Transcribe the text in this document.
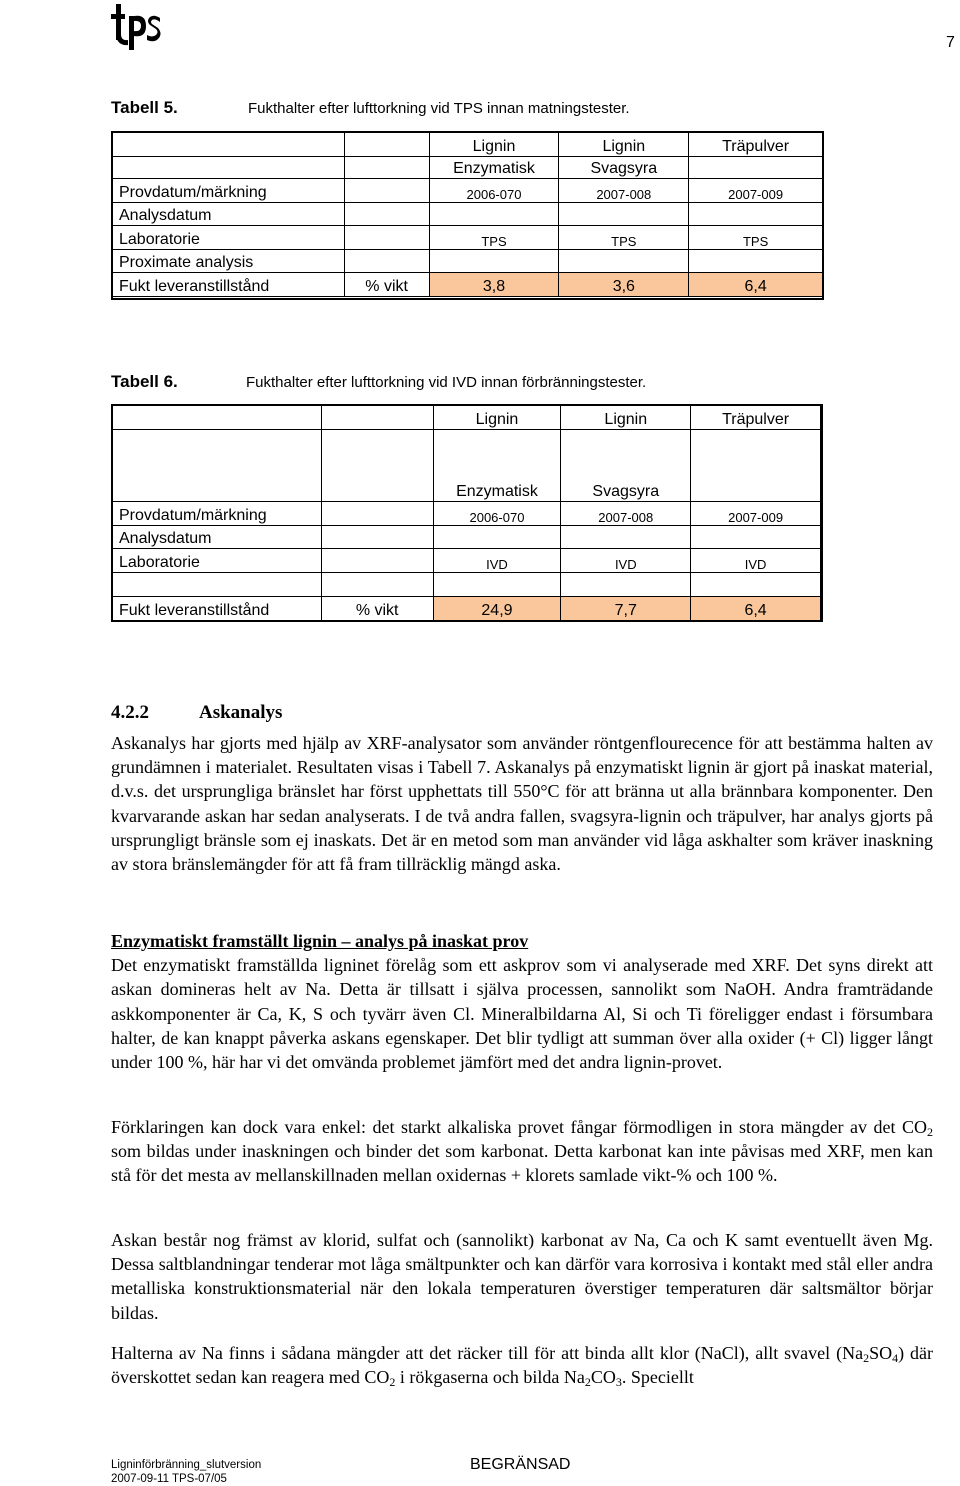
tps
7
Tabell 5.	Fukthalter efter lufttorkning vid TPS innan matningstester.
		Lignin	Lignin	Träpulver
		Enzymatisk	Svagsyra	
Provdatum/märkning		2006-070	2007-008	2007-009
Analysdatum				
Laboratorie		TPS	TPS	TPS
Proximate analysis				
Fukt leveranstillstånd	% vikt	3,8	3,6	6,4
Tabell 6.	Fukthalter efter lufttorkning vid IVD innan förbränningstester.
		Lignin	Lignin	Träpulver
		Enzymatisk	Svagsyra	
Provdatum/märkning		2006-070	2007-008	2007-009
Analysdatum				
Laboratorie		IVD	IVD	IVD

Fukt leveranstillstånd	% vikt	24,9	7,7	6,4
4.2.2	Askanalys

Askanalys har gjorts med hjälp av XRF-analysator som använder röntgenflourecence för att bestämma halten av grundämnen i materialet. Resultaten visas i Tabell 7. Askanalys på enzymatiskt lignin är gjort på inaskat material, d.v.s. det ursprungliga bränslet har först upphettats till 550°C för att bränna ut alla brännbara komponenter. Den kvarvarande askan har sedan analyserats. I de två andra fallen, svagsyra-lignin och träpulver, har analys gjorts på ursprungligt bränsle som ej inaskats. Det är en metod som man använder vid låga askhalter som kräver inaskning av stora bränslemängder för att få fram tillräcklig mängd aska.

Enzymatiskt framställt lignin – analys på inaskat prov

Det enzymatiskt framställda ligninet förelåg som ett askprov som vi analyserade med XRF. Det syns direkt att askan domineras helt av Na. Detta är tillsatt i själva processen, sannolikt som NaOH. Andra framträdande askkomponenter är Ca, K, S och tyvärr även Cl. Mineralbildarna Al, Si och Ti föreligger endast i försumbara halter, de kan knappt påverka askans egenskaper. Det blir tydligt att summan över alla oxider (+ Cl) ligger långt under 100 %, här har vi det omvända problemet jämfört med det andra lignin-provet.

Förklaringen kan dock vara enkel: det starkt alkaliska provet fångar förmodligen in stora mängder av $\det CO_2$ som bildas under inaskningen och binder det som karbonat. Detta karbonat kan inte påvisas med XRF, men kan stå för det mesta av mellanskillnaden mellan oxidernas + klorets samlade vikt-% och 100 %.

Askan består nog främst av klorid, sulfat och (sannolikt) karbonat av Na, Ca och K samt eventuellt även Mg. Dessa saltblandningar tenderar mot låga smältpunkter och kan därför vara korrosiva i kontakt med stål eller andra metalliska konstruktionsmaterial när den lokala temperaturen överstiger temperaturen där saltsmältor börjar bildas.

Halterna av Na finns i sådana mängder att det räcker till för att binda allt klor (NaCl), allt svavel $(Na_2SO_4)$ där överskottet sedan kan reagera med $CO_2$ i rökgaserna och bilda $Na_2CO_3$. Speciellt

Ligninförbränning_slutversion
2007-09-11 TPS-07/05
BEGRÄNSAD
